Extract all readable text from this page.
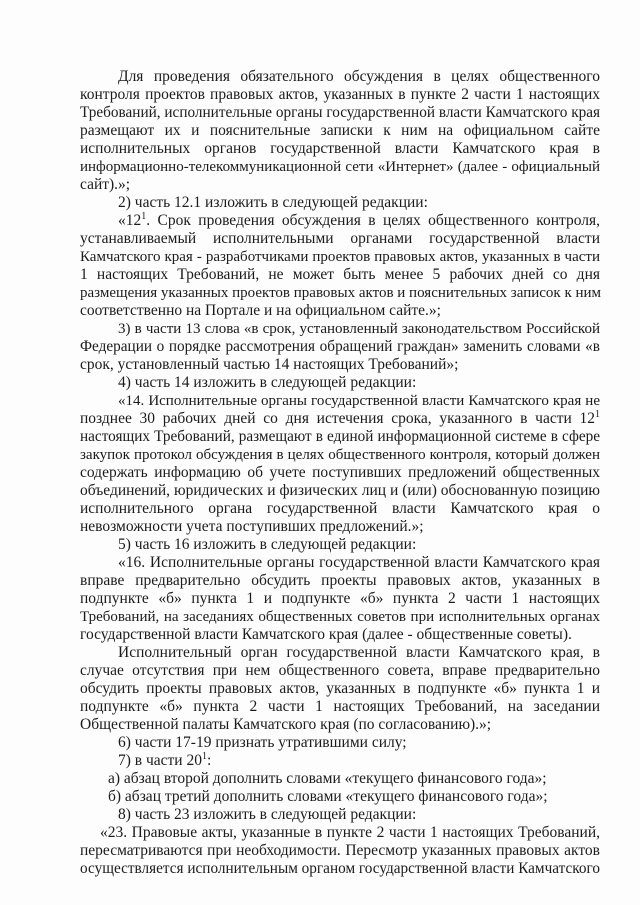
Для проведения обязательного обсуждения в целях общественного
контроля проектов правовых актов, указанных в пункте 2 части 1 настоящих
Требований, исполнительные органы государственной власти Камчатского края
размещают их и пояснительные записки к ним на официальном сайте
исполнительных органов государственной власти Камчатского края в
информационно-телекоммуникационной сети «Интернет» (далее - официальный
сайт).»;
2) часть 12.1 изложить в следующей редакции:
«$12^1$. Срок проведения обсуждения в целях общественного контроля,
устанавливаемый исполнительными органами государственной власти
Камчатского края - разработчиками проектов правовых актов, указанных в части
1 настоящих Требований, не может быть менее 5 рабочих дней со дня
размещения указанных проектов правовых актов и пояснительных записок к ним
соответственно на Портале и на официальном сайте.»;
3) в части 13 слова «в срок, установленный законодательством Российской
Федерации о порядке рассмотрения обращений граждан» заменить словами «в
срок, установленный частью 14 настоящих Требований»;
4) часть 14 изложить в следующей редакции:
«14. Исполнительные органы государственной власти Камчатского края не
позднее 30 рабочих дней со дня истечения срока, указанного в части $12^1$
настоящих Требований, размещают в единой информационной системе в сфере
закупок протокол обсуждения в целях общественного контроля, который должен
содержать информацию об учете поступивших предложений общественных
объединений, юридических и физических лиц и (или) обоснованную позицию
исполнительного органа государственной власти Камчатского края о
невозможности учета поступивших предложений.»;
5) часть 16 изложить в следующей редакции:
«16. Исполнительные органы государственной власти Камчатского края
вправе предварительно обсудить проекты правовых актов, указанных в
подпункте «б» пункта 1 и подпункте «б» пункта 2 части 1 настоящих
Требований, на заседаниях общественных советов при исполнительных органах
государственной власти Камчатского края (далее - общественные советы).
Исполнительный орган государственной власти Камчатского края, в
случае отсутствия при нем общественного совета, вправе предварительно
обсудить проекты правовых актов, указанных в подпункте «б» пункта 1 и
подпункте «б» пункта 2 части 1 настоящих Требований, на заседании
Общественной палаты Камчатского края (по согласованию).»;
6) части 17-19 признать утратившими силу;
7) в части $20^1$:
а) абзац второй дополнить словами «текущего финансового года»;
б) абзац третий дополнить словами «текущего финансового года»;
8) часть 23 изложить в следующей редакции:
«23. Правовые акты, указанные в пункте 2 части 1 настоящих Требований,
пересматриваются при необходимости. Пересмотр указанных правовых актов
осуществляется исполнительным органом государственной власти Камчатского
